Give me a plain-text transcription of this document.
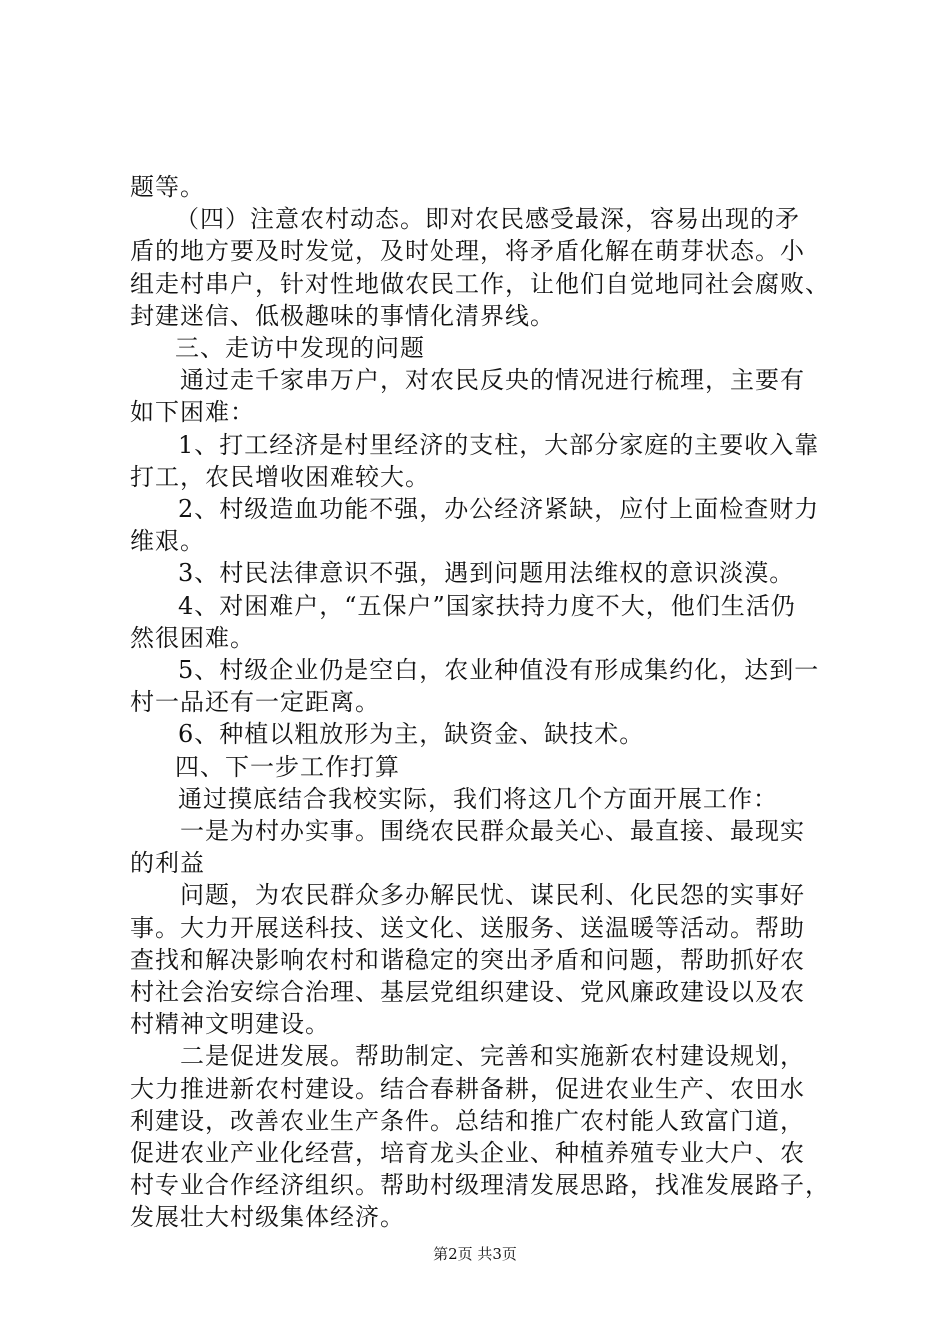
题等。
（四）注意农村动态。即对农民感受最深，容易出现的矛
盾的地方要及时发觉，及时处理，将矛盾化解在萌芽状态。小
组走村串户，针对性地做农民工作，让他们自觉地同社会腐败、
封建迷信、低极趣味的事情化清界线。
三、走访中发现的问题
通过走千家串万户，对农民反央的情况进行梳理，主要有
如下困难：
1、打工经济是村里经济的支柱，大部分家庭的主要收入靠
打工，农民增收困难较大。
2、村级造血功能不强，办公经济紧缺，应付上面检查财力
维艰。
3、村民法律意识不强，遇到问题用法维权的意识淡漠。
4、对困难户，“五保户”国家扶持力度不大，他们生活仍
然很困难。
5、村级企业仍是空白，农业种值没有形成集约化，达到一
村一品还有一定距离。
6、种植以粗放形为主，缺资金、缺技术。
四、下一步工作打算
通过摸底结合我校实际，我们将这几个方面开展工作：
一是为村办实事。围绕农民群众最关心、最直接、最现实
的利益
问题，为农民群众多办解民忧、谋民利、化民怨的实事好
事。大力开展送科技、送文化、送服务、送温暖等活动。帮助
查找和解决影响农村和谐稳定的突出矛盾和问题，帮助抓好农
村社会治安综合治理、基层党组织建设、党风廉政建设以及农
村精神文明建设。
二是促进发展。帮助制定、完善和实施新农村建设规划，
大力推进新农村建设。结合春耕备耕，促进农业生产、农田水
利建设，改善农业生产条件。总结和推广农村能人致富门道，
促进农业产业化经营，培育龙头企业、种植养殖专业大户、农
村专业合作经济组织。帮助村级理清发展思路，找准发展路子，
发展壮大村级集体经济。
第2页 共3页
